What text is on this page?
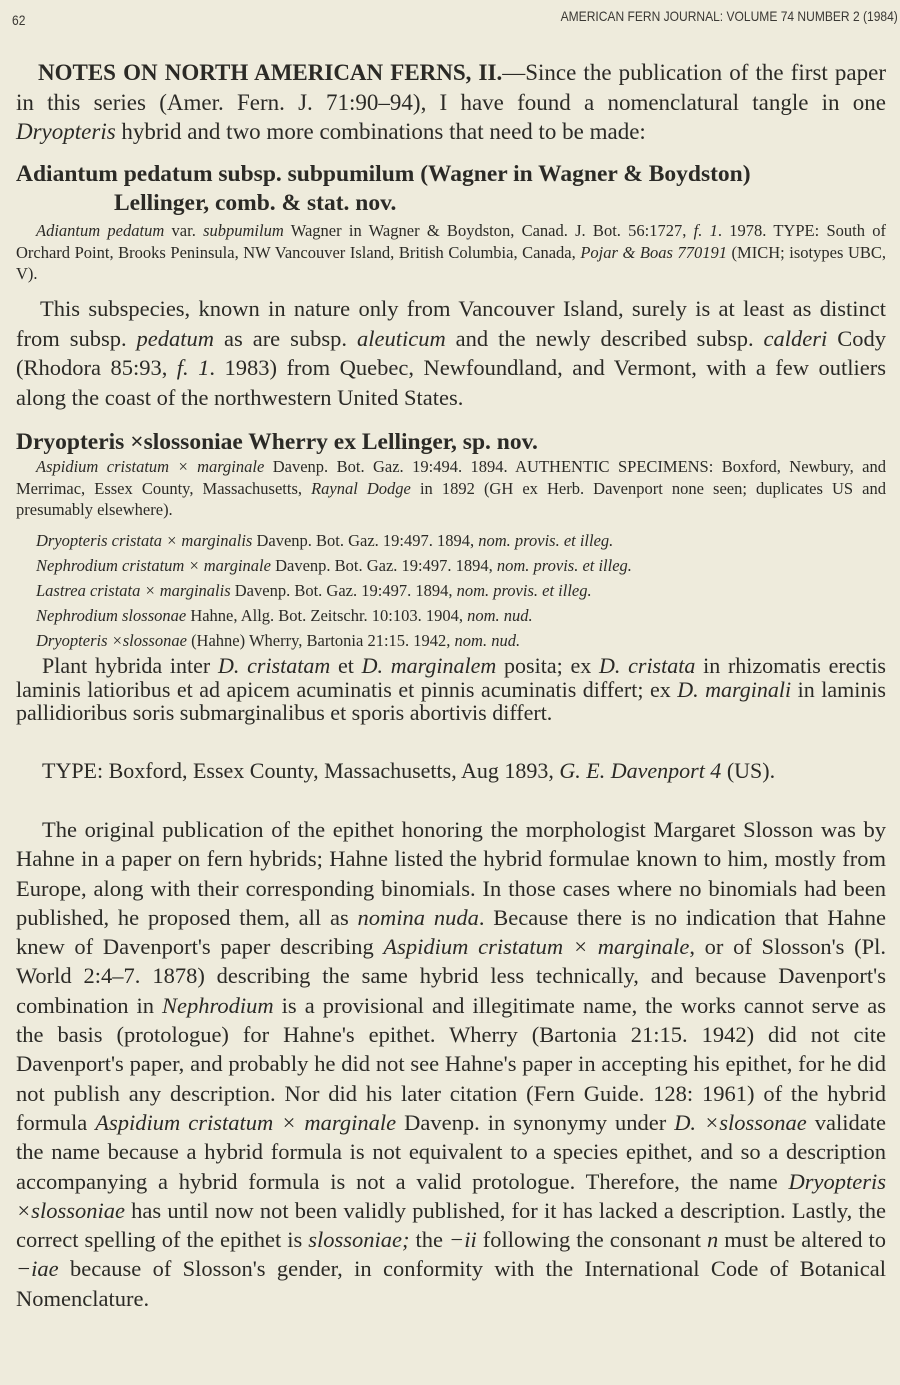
62	AMERICAN FERN JOURNAL: VOLUME 74 NUMBER 2 (1984)

NOTES ON NORTH AMERICAN FERNS, II.—Since the publication of the first paper in this series (Amer. Fern. J. 71:90–94), I have found a nomenclatural tangle in one Dryopteris hybrid and two more combinations that need to be made:

Adiantum pedatum subsp. subpumilum (Wagner in Wagner & Boydston)
Lellinger, comb. & stat. nov.

Adiantum pedatum var. subpumilum Wagner in Wagner & Boydston, Canad. J. Bot. 56:1727, f. 1. 1978. TYPE: South of Orchard Point, Brooks Peninsula, NW Vancouver Island, British Columbia, Canada, Pojar & Boas 770191 (MICH; isotypes UBC, V).

This subspecies, known in nature only from Vancouver Island, surely is at least as distinct from subsp. pedatum as are subsp. aleuticum and the newly described subsp. calderi Cody (Rhodora 85:93, f. 1. 1983) from Quebec, Newfoundland, and Vermont, with a few outliers along the coast of the northwestern United States.

Dryopteris ×slossoniae Wherry ex Lellinger, sp. nov.

Aspidium cristatum × marginale Davenp. Bot. Gaz. 19:494. 1894. AUTHENTIC SPECIMENS: Boxford, Newbury, and Merrimac, Essex County, Massachusetts, Raynal Dodge in 1892 (GH ex Herb. Davenport none seen; duplicates US and presumably elsewhere).

Dryopteris cristata × marginalis Davenp. Bot. Gaz. 19:497. 1894, nom. provis. et illeg.
Nephrodium cristatum × marginale Davenp. Bot. Gaz. 19:497. 1894, nom. provis. et illeg.
Lastrea cristata × marginalis Davenp. Bot. Gaz. 19:497. 1894, nom. provis. et illeg.
Nephrodium slossonae Hahne, Allg. Bot. Zeitschr. 10:103. 1904, nom. nud.
Dryopteris ×slossonae (Hahne) Wherry, Bartonia 21:15. 1942, nom. nud.

Plant hybrida inter D. cristatam et D. marginalem posita; ex D. cristata in rhizomatis erectis laminis latioribus et ad apicem acuminatis et pinnis acuminatis differt; ex D. marginali in laminis pallidioribus soris submarginalibus et sporis abortivis differt.

TYPE: Boxford, Essex County, Massachusetts, Aug 1893, G. E. Davenport 4 (US).

The original publication of the epithet honoring the morphologist Margaret Slosson was by Hahne in a paper on fern hybrids; Hahne listed the hybrid formulae known to him, mostly from Europe, along with their corresponding binomials. In those cases where no binomials had been published, he proposed them, all as nomina nuda. Because there is no indication that Hahne knew of Davenport's paper describing Aspidium cristatum × marginale, or of Slosson's (Pl. World 2:4–7. 1878) describing the same hybrid less technically, and because Davenport's combination in Nephrodium is a provisional and illegitimate name, the works cannot serve as the basis (protologue) for Hahne's epithet. Wherry (Bartonia 21:15. 1942) did not cite Davenport's paper, and probably he did not see Hahne's paper in accepting his epithet, for he did not publish any description. Nor did his later citation (Fern Guide. 128: 1961) of the hybrid formula Aspidium cristatum × marginale Davenp. in synonymy under D. ×slossonae validate the name because a hybrid formula is not equivalent to a species epithet, and so a description accompanying a hybrid formula is not a valid protologue. Therefore, the name Dryopteris ×slossoniae has until now not been validly published, for it has lacked a description. Lastly, the correct spelling of the epithet is slossoniae; the −ii following the consonant n must be altered to −iae because of Slosson's gender, in conformity with the International Code of Botanical Nomenclature.
